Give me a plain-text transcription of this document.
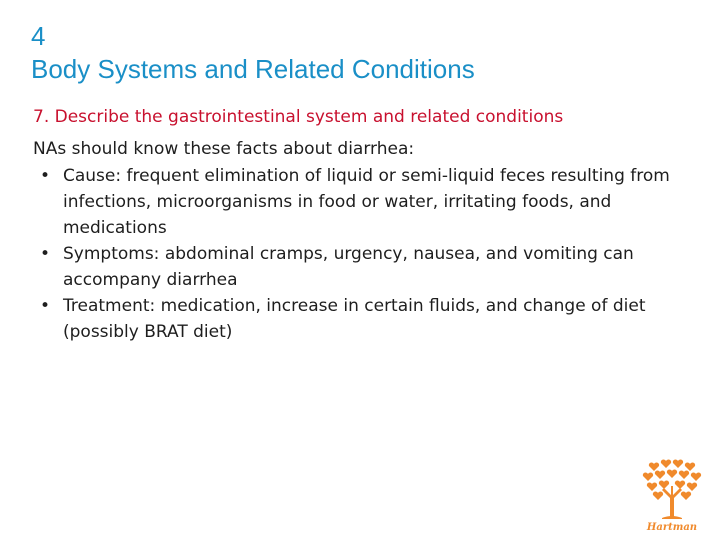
4
Body Systems and Related Conditions
7. Describe the gastrointestinal system and related conditions
NAs should know these facts about diarrhea:
• Cause: frequent elimination of liquid or semi-liquid feces resulting from infections, microorganisms in food or water, irritating foods, and medications
• Symptoms: abdominal cramps, urgency, nausea, and vomiting can accompany diarrhea
• Treatment: medication, increase in certain fluids, and change of diet (possibly BRAT diet)
Hartman
